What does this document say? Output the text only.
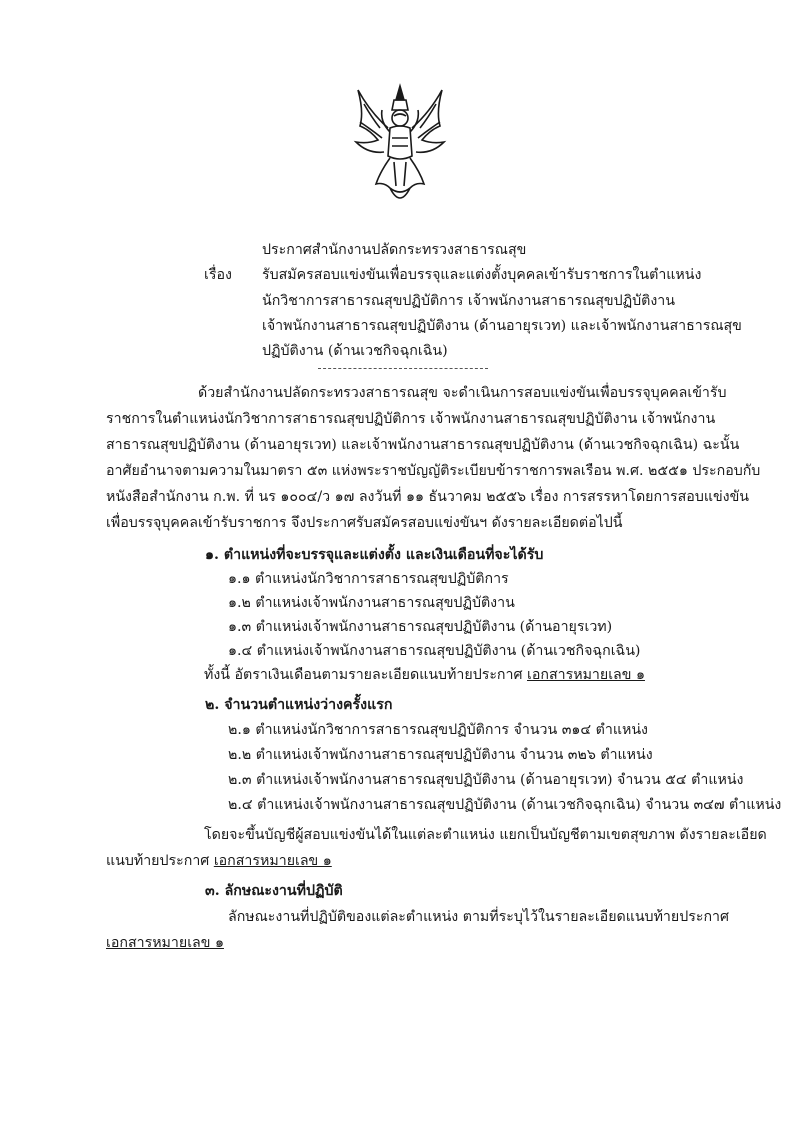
ประกาศสำนักงานปลัดกระทรวงสาธารณสุข
เรื่อง รับสมัครสอบแข่งขันเพื่อบรรจุและแต่งตั้งบุคคลเข้ารับราชการในตำแหน่ง
นักวิชาการสาธารณสุขปฏิบัติการ เจ้าพนักงานสาธารณสุขปฏิบัติงาน
เจ้าพนักงานสาธารณสุขปฏิบัติงาน (ด้านอายุรเวท) และเจ้าพนักงานสาธารณสุข
ปฏิบัติงาน (ด้านเวชกิจฉุกเฉิน)
ด้วยสำนักงานปลัดกระทรวงสาธารณสุข จะดำเนินการสอบแข่งขันเพื่อบรรจุบุคคลเข้ารับ
ราชการในตำแหน่งนักวิชาการสาธารณสุขปฏิบัติการ เจ้าพนักงานสาธารณสุขปฏิบัติงาน เจ้าพนักงาน
สาธารณสุขปฏิบัติงาน (ด้านอายุรเวท) และเจ้าพนักงานสาธารณสุขปฏิบัติงาน (ด้านเวชกิจฉุกเฉิน) ฉะนั้น
อาศัยอำนาจตามความในมาตรา ๕๓ แห่งพระราชบัญญัติระเบียบข้าราชการพลเรือน พ.ศ. ๒๕๕๑ ประกอบกับ
หนังสือสำนักงาน ก.พ. ที่ นร ๑๐๐๔/ว ๑๗ ลงวันที่ ๑๑ ธันวาคม ๒๕๕๖ เรื่อง การสรรหาโดยการสอบแข่งขัน
เพื่อบรรจุบุคคลเข้ารับราชการ จึงประกาศรับสมัครสอบแข่งขันฯ ดังรายละเอียดต่อไปนี้
๑. ตำแหน่งที่จะบรรจุและแต่งตั้ง และเงินเดือนที่จะได้รับ
๑.๑ ตำแหน่งนักวิชาการสาธารณสุขปฏิบัติการ
๑.๒ ตำแหน่งเจ้าพนักงานสาธารณสุขปฏิบัติงาน
๑.๓ ตำแหน่งเจ้าพนักงานสาธารณสุขปฏิบัติงาน (ด้านอายุรเวท)
๑.๔ ตำแหน่งเจ้าพนักงานสาธารณสุขปฏิบัติงาน (ด้านเวชกิจฉุกเฉิน)
ทั้งนี้ อัตราเงินเดือนตามรายละเอียดแนบท้ายประกาศ เอกสารหมายเลข ๑
๒. จำนวนตำแหน่งว่างครั้งแรก
๒.๑ ตำแหน่งนักวิชาการสาธารณสุขปฏิบัติการ จำนวน ๓๑๔ ตำแหน่ง
๒.๒ ตำแหน่งเจ้าพนักงานสาธารณสุขปฏิบัติงาน จำนวน ๓๒๖ ตำแหน่ง
๒.๓ ตำแหน่งเจ้าพนักงานสาธารณสุขปฏิบัติงาน (ด้านอายุรเวท) จำนวน ๕๔ ตำแหน่ง
๒.๔ ตำแหน่งเจ้าพนักงานสาธารณสุขปฏิบัติงาน (ด้านเวชกิจฉุกเฉิน) จำนวน ๓๔๗ ตำแหน่ง
โดยจะขึ้นบัญชีผู้สอบแข่งขันได้ในแต่ละตำแหน่ง แยกเป็นบัญชีตามเขตสุขภาพ ดังรายละเอียด
แนบท้ายประกาศ เอกสารหมายเลข ๑
๓. ลักษณะงานที่ปฏิบัติ
ลักษณะงานที่ปฏิบัติของแต่ละตำแหน่ง ตามที่ระบุไว้ในรายละเอียดแนบท้ายประกาศ
เอกสารหมายเลข ๑
